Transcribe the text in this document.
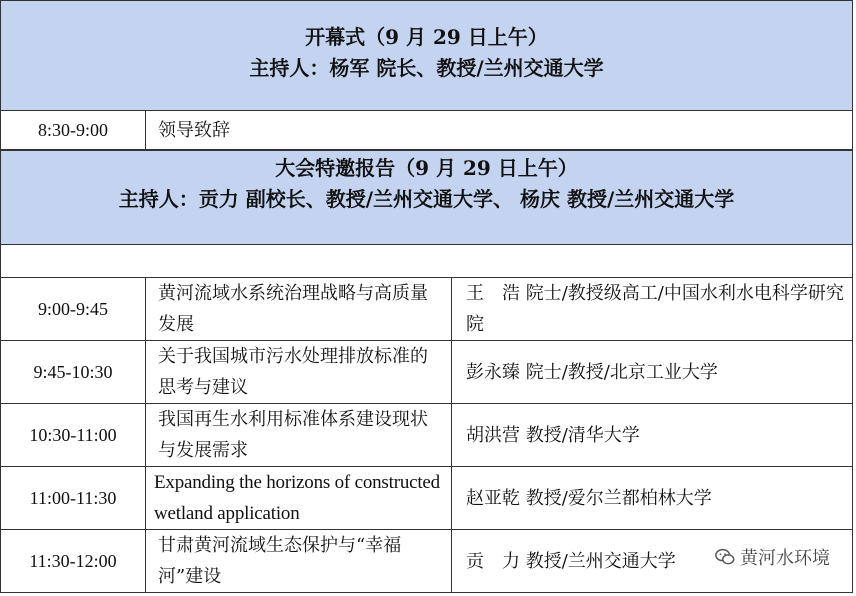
开幕式（9 月 29 日上午）
主持人：杨军 院长、教授/兰州交通大学
8:30-9:00	领导致辞
大会特邀报告（9 月 29 日上午）
主持人：贡力 副校长、教授/兰州交通大学、 杨庆 教授/兰州交通大学
9:00-9:45
黄河流域水系统治理战略与高质量发展
王　浩 院士/教授级高工/中国水利水电科学研究院
9:45-10:30
关于我国城市污水处理排放标准的思考与建议
彭永臻 院士/教授/北京工业大学
10:30-11:00
我国再生水利用标准体系建设现状与发展需求
胡洪营 教授/清华大学
11:00-11:30
Expanding the horizons of constructed wetland application
赵亚乾 教授/爱尔兰都柏林大学
11:30-12:00
甘肃黄河流域生态保护与“幸福河”建设
贡　力 教授/兰州交通大学	黄河水环境
